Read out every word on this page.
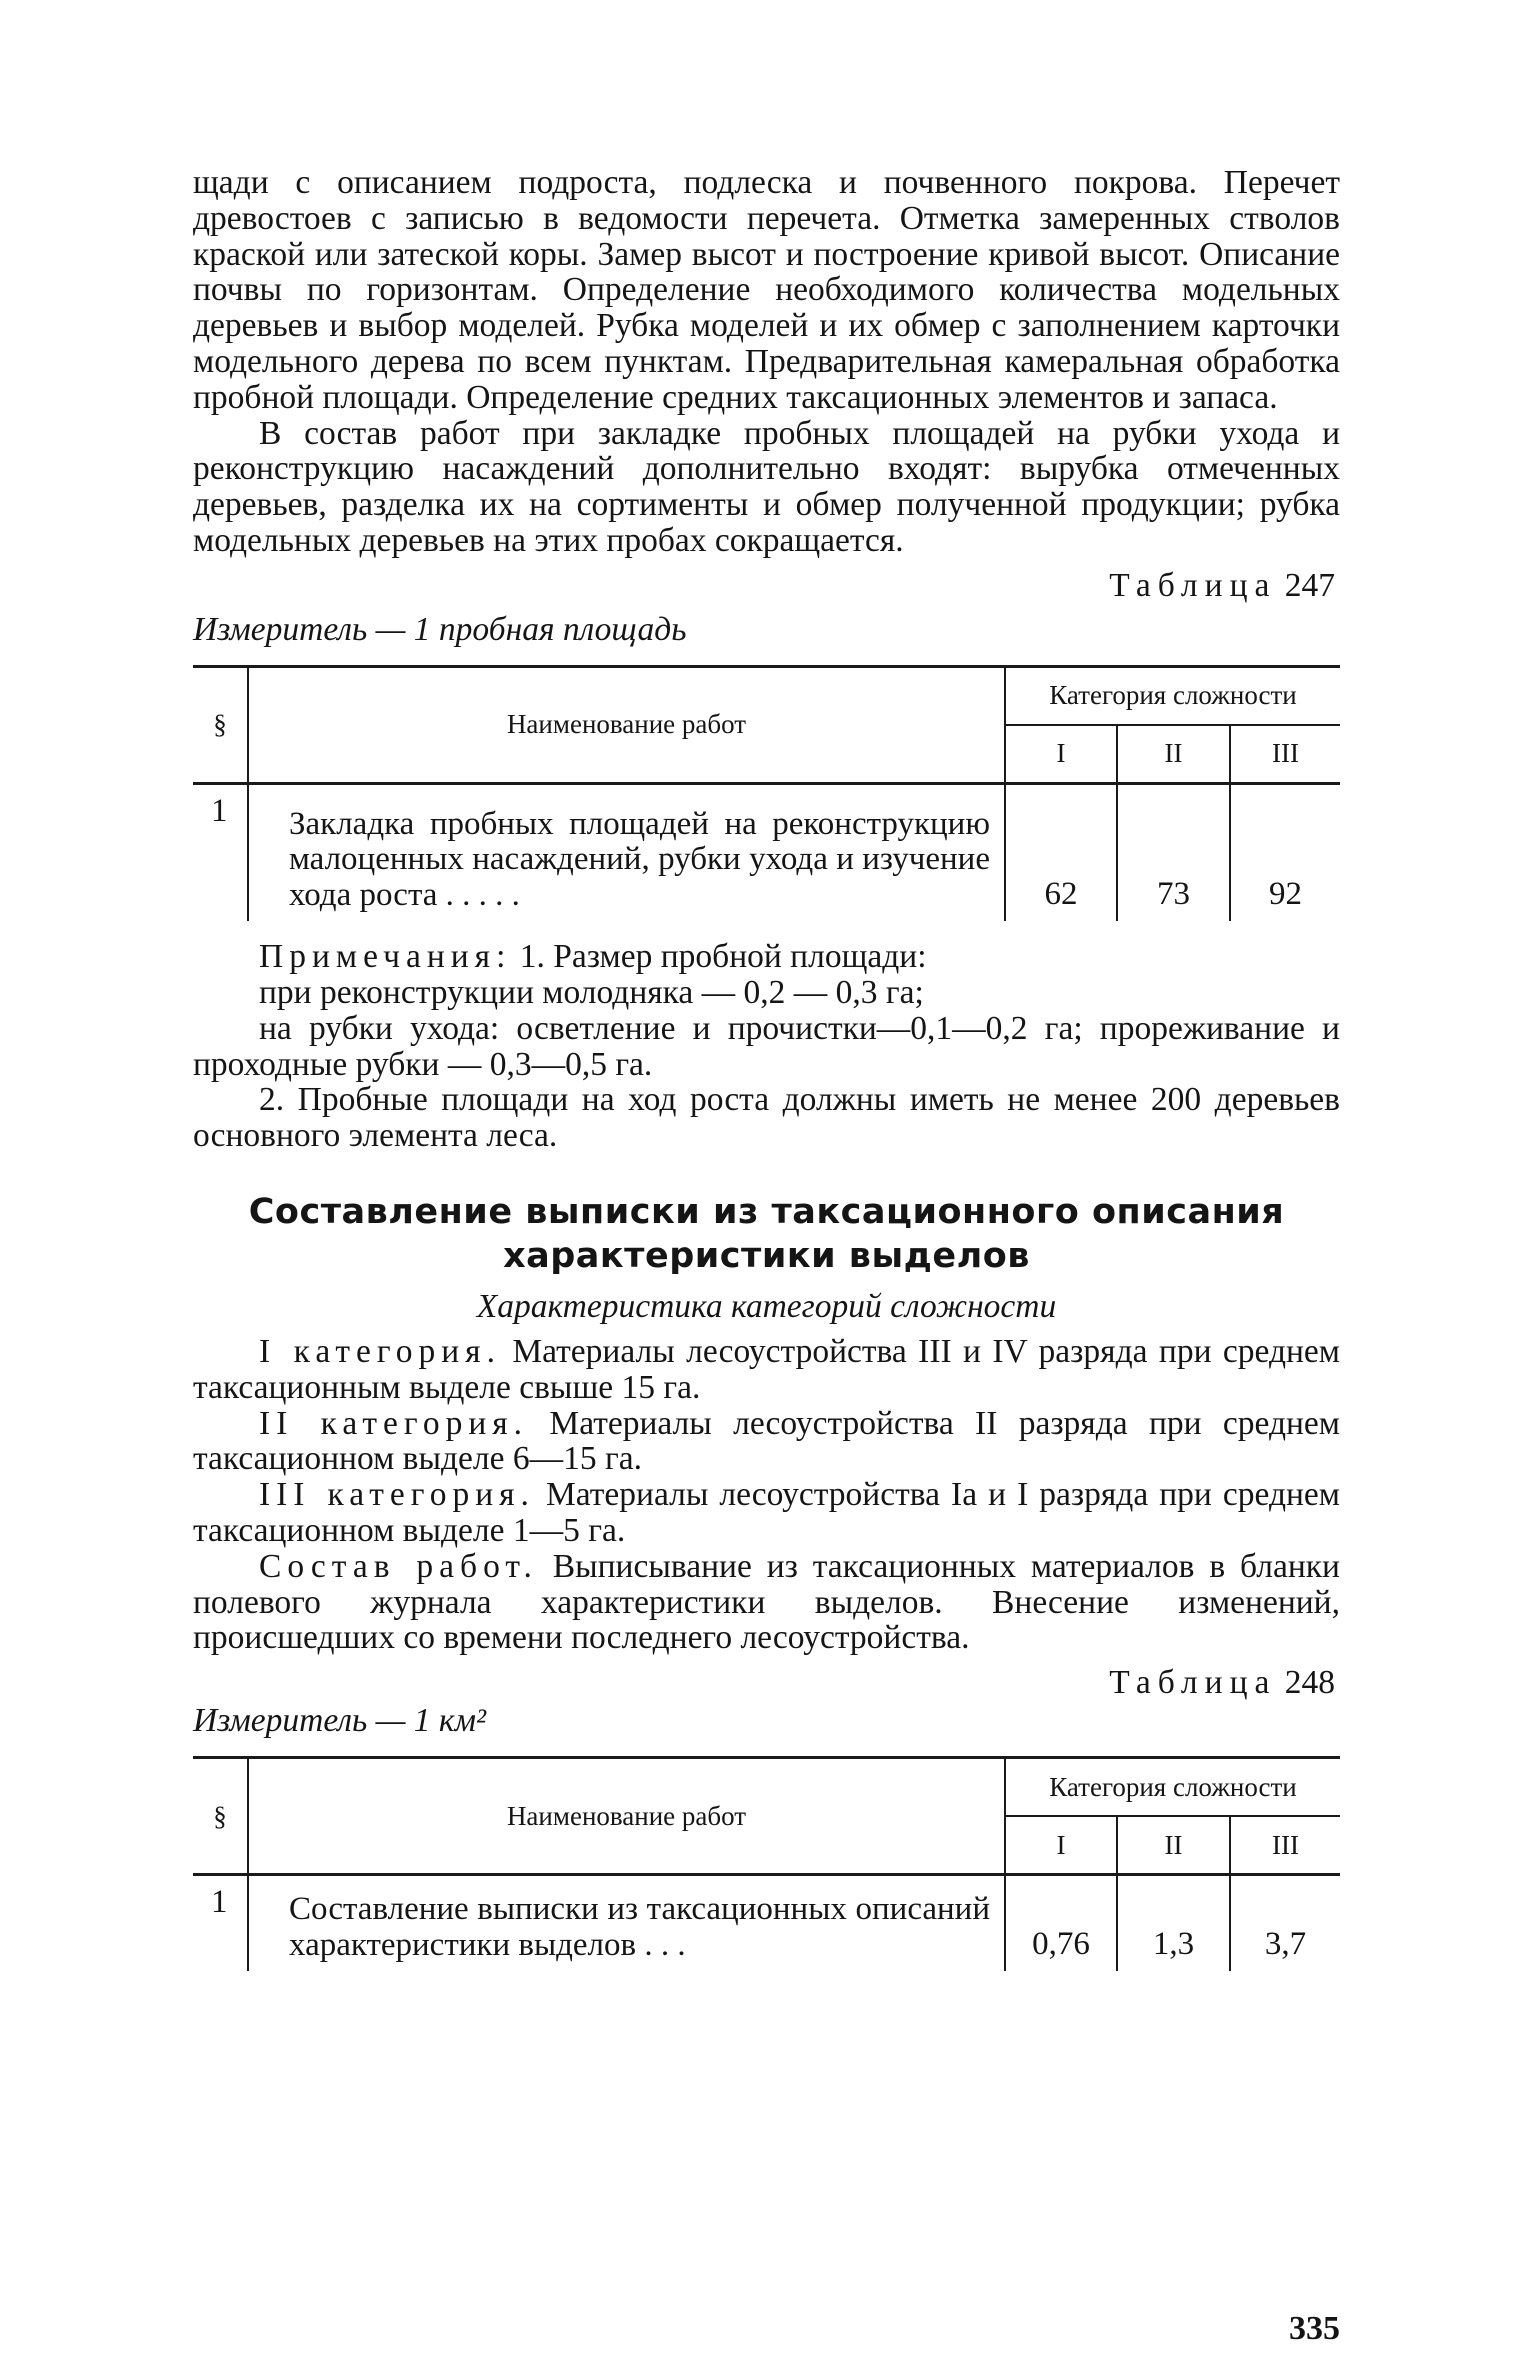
щади с описанием подроста, подлеска и почвенного покрова. Перечет древостоев с записью в ведомости перечета. Отметка замеренных стволов краской или затеской коры. Замер высот и построение кривой высот. Описание почвы по горизонтам. Определение необходимого количества модельных деревьев и выбор моделей. Рубка моделей и их обмер с заполнением карточки модельного дерева по всем пунктам. Предварительная камеральная обработка пробной площади. Определение средних таксационных элементов и запаса.

В состав работ при закладке пробных площадей на рубки ухода и реконструкцию насаждений дополнительно входят: вырубка отмеченных деревьев, разделка их на сортименты и обмер полученной продукции; рубка модельных деревьев на этих пробах сокращается.

Измеритель — 1 пробная площадь
Таблица 247
§	Наименование работ	Категория сложности		
		I	II	III
1	Закладка пробных площадей на реконструкцию малоценных насаждений, рубки ухода и изучение хода роста . . . . .	62	73	92

Примечания: 1. Размер пробной площади:

при реконструкции молодняка — 0,2 — 0,3 га;

на рубки ухода: осветление и прочистки—0,1—0,2 га; прореживание и проходные рубки — 0,3—0,5 га.

2. Пробные площади на ход роста должны иметь не менее 200 деревьев основного элемента леса.

Составление выписки из таксационного описания
характеристики выделов
Характеристика категорий сложности

I категория. Материалы лесоустройства III и IV разряда при среднем таксационным выделе свыше 15 га.

II категория. Материалы лесоустройства II разряда при среднем таксационном выделе 6—15 га.

III категория. Материалы лесоустройства Iа и I разряда при среднем таксационном выделе 1—5 га.

Состав работ. Выписывание из таксационных материалов в бланки полевого журнала характеристики выделов. Внесение изменений, происшедших со времени последнего лесоустройства.

Измеритель — 1 км²
Таблица 248
§	Наименование работ	Категория сложности		
		I	II	III
1	Составление выписки из таксационных описаний характеристики выделов . . .	0,76	1,3	3,7
335
